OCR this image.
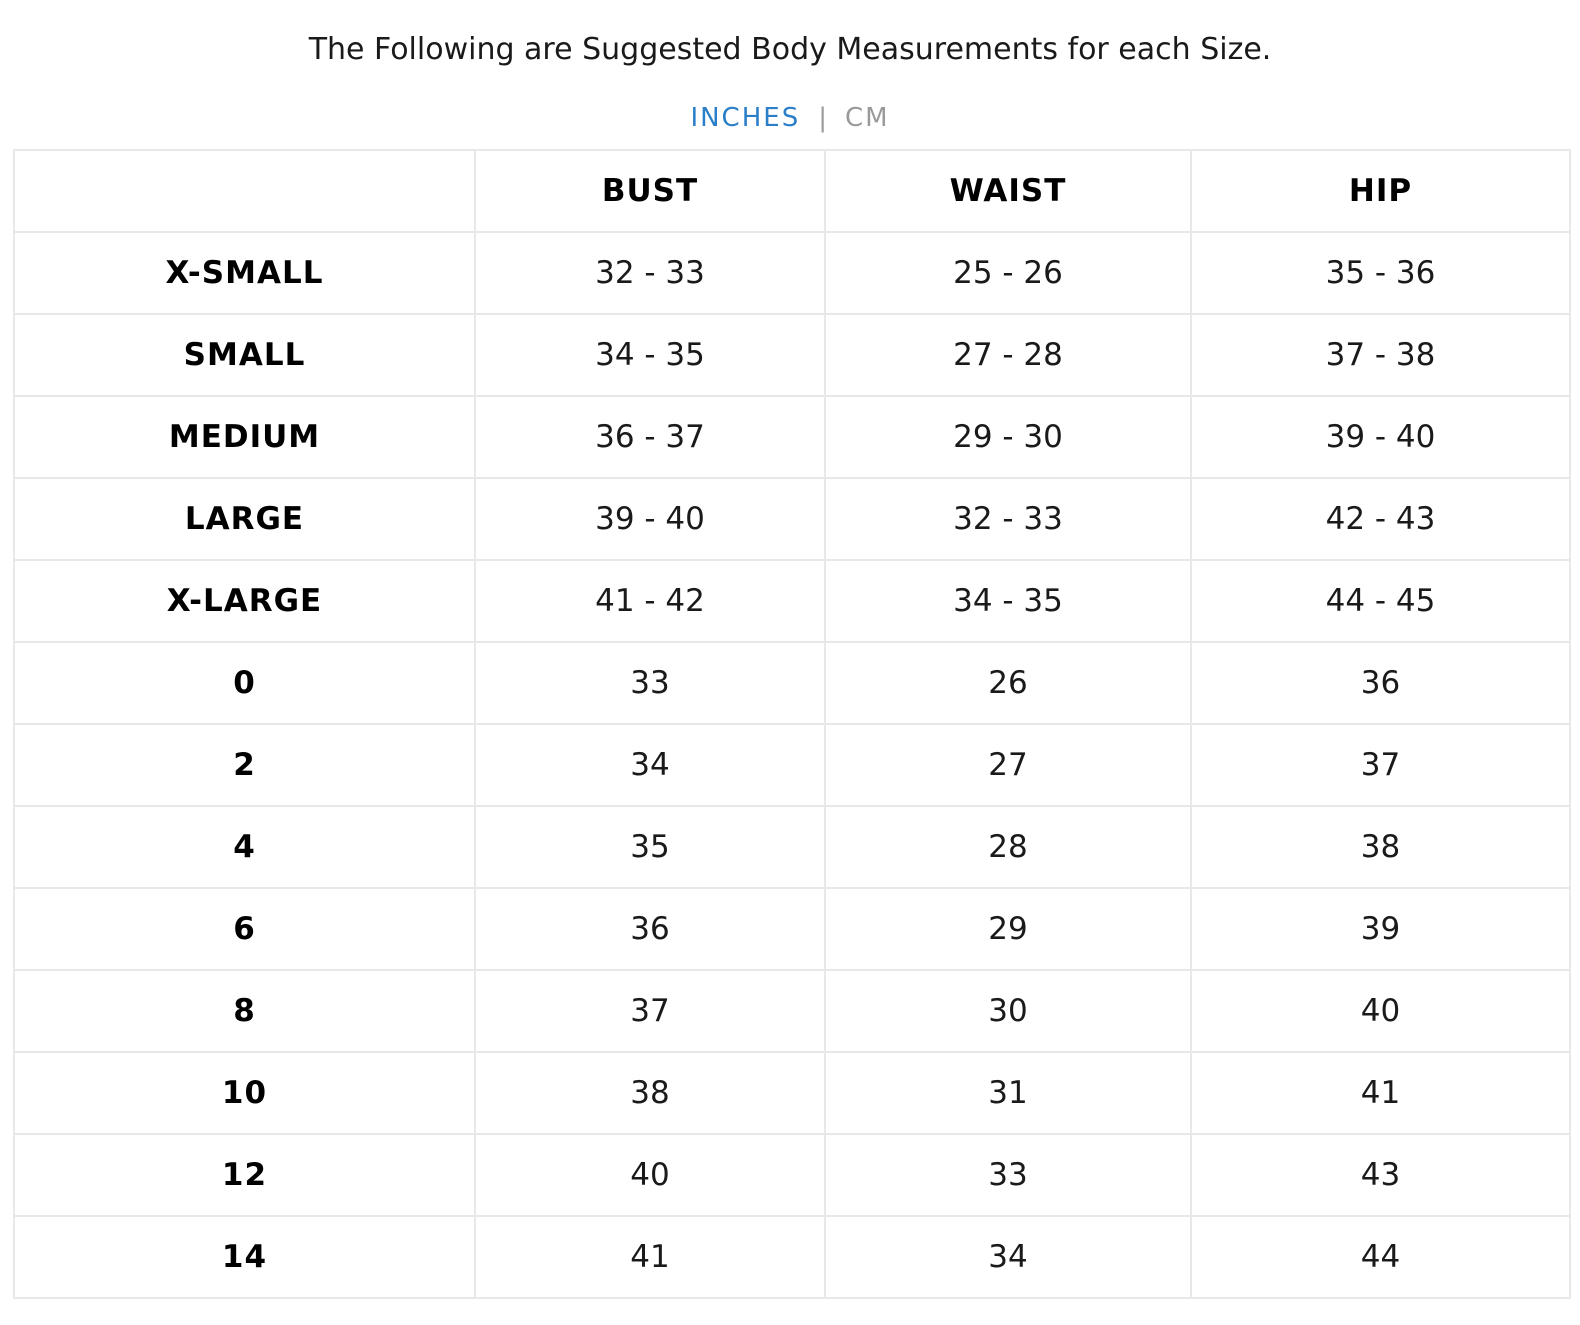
The Following are Suggested Body Measurements for each Size.
INCHES | CM
	BUST	WAIST	HIP
X-SMALL	32 - 33	25 - 26	35 - 36
SMALL	34 - 35	27 - 28	37 - 38
MEDIUM	36 - 37	29 - 30	39 - 40
LARGE	39 - 40	32 - 33	42 - 43
X-LARGE	41 - 42	34 - 35	44 - 45
0	33	26	36
2	34	27	37
4	35	28	38
6	36	29	39
8	37	30	40
10	38	31	41
12	40	33	43
14	41	34	44
